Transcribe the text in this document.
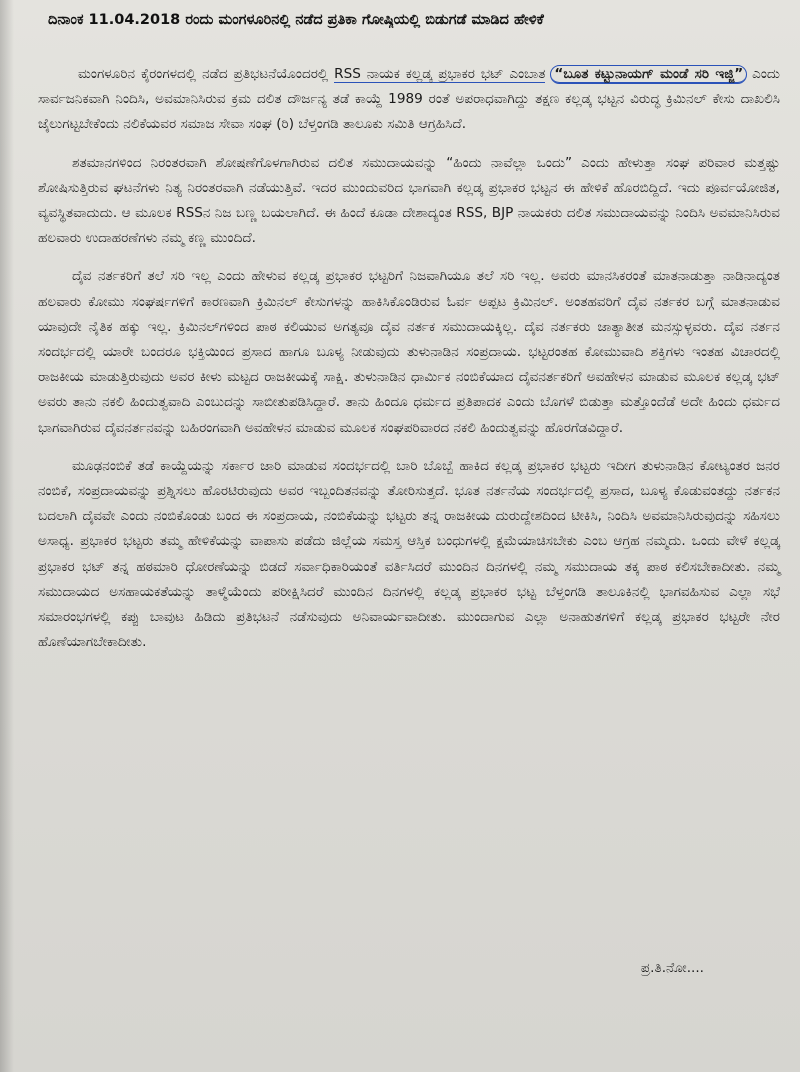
ದಿನಾಂಕ 11.04.2018 ರಂದು ಮಂಗಳೂರಿನಲ್ಲಿ ನಡೆದ ಪ್ರತಿಕಾ ಗೋಷ್ಠಿಯಲ್ಲಿ ಬಿಡುಗಡೆ ಮಾಡಿದ ಹೇಳಿಕೆ

ಮಂಗಳೂರಿನ ಕೈರಂಗಳದಲ್ಲಿ ನಡೆದ ಪ್ರತಿಭಟನೆಯೊಂದರಲ್ಲಿ RSS ನಾಯಕ ಕಲ್ಲಡ್ಕ ಪ್ರಭಾಕರ ಭಟ್ ಎಂಬಾತ “ಬೂತ ಕಟ್ಟುನಾಯಗ್ ಮಂಡೆ ಸರಿ ಇಜ್ಜಿ” ಎಂದು ಸಾರ್ವಜನಿಕವಾಗಿ ನಿಂದಿಸಿ, ಅವಮಾನಿಸಿರುವ ಕ್ರಮ ದಲಿತ ದೌರ್ಜನ್ಯ ತಡೆ ಕಾಯ್ದೆ 1989 ರಂತೆ ಅಪರಾಧವಾಗಿದ್ದು ತಕ್ಷಣ ಕಲ್ಲಡ್ಕ ಭಟ್ಟನ ವಿರುದ್ಧ ಕ್ರಿಮಿನಲ್ ಕೇಸು ದಾಖಲಿಸಿ ಜೈಲುಗಟ್ಟಬೇಕೆಂದು ನಲಿಕೆಯವರ ಸಮಾಜ ಸೇವಾ ಸಂಘ (ರಿ) ಬೆಳ್ತಂಗಡಿ ತಾಲೂಕು ಸಮಿತಿ ಆಗ್ರಹಿಸಿದೆ.

ಶತಮಾನಗಳಿಂದ ನಿರಂತರವಾಗಿ ಶೋಷಣೆಗೊಳಗಾಗಿರುವ ದಲಿತ ಸಮುದಾಯವನ್ನು “ಹಿಂದು ನಾವೆಲ್ಲಾ ಒಂದು” ಎಂದು ಹೇಳುತ್ತಾ ಸಂಘ ಪರಿವಾರ ಮತ್ತಷ್ಟು ಶೋಷಿಸುತ್ತಿರುವ ಘಟನೆಗಳು ನಿತ್ಯ ನಿರಂತರವಾಗಿ ನಡೆಯುತ್ತಿವೆ. ಇದರ ಮುಂದುವರಿದ ಭಾಗವಾಗಿ ಕಲ್ಲಡ್ಕ ಪ್ರಭಾಕರ ಭಟ್ಟನ ಈ ಹೇಳಿಕೆ ಹೊರಬಿದ್ದಿದೆ. ಇದು ಪೂರ್ವಯೋಜಿತ, ವ್ಯವಸ್ಥಿತವಾದುದು. ಆ ಮೂಲಕ RSSನ ನಿಜ ಬಣ್ಣ ಬಯಲಾಗಿದೆ. ಈ ಹಿಂದೆ ಕೂಡಾ ದೇಶಾದ್ಯಂತ RSS, BJP ನಾಯಕರು ದಲಿತ ಸಮುದಾಯವನ್ನು ನಿಂದಿಸಿ ಅವಮಾನಿಸಿರುವ ಹಲವಾರು ಉದಾಹರಣೆಗಳು ನಮ್ಮ ಕಣ್ಣ ಮುಂದಿದೆ.

ದೈವ ನರ್ತಕರಿಗೆ ತಲೆ ಸರಿ ಇಲ್ಲ ಎಂದು ಹೇಳುವ ಕಲ್ಲಡ್ಕ ಪ್ರಭಾಕರ ಭಟ್ಟರಿಗೆ ನಿಜವಾಗಿಯೂ ತಲೆ ಸರಿ ಇಲ್ಲ. ಅವರು ಮಾನಸಿಕರಂತೆ ಮಾತನಾಡುತ್ತಾ ನಾಡಿನಾದ್ಯಂತ ಹಲವಾರು ಕೋಮು ಸಂಘರ್ಷಗಳಿಗೆ ಕಾರಣವಾಗಿ ಕ್ರಿಮಿನಲ್ ಕೇಸುಗಳನ್ನು ಹಾಕಿಸಿಕೊಂಡಿರುವ ಓರ್ವ ಅಪ್ಪಟ ಕ್ರಿಮಿನಲ್. ಅಂತಹವರಿಗೆ ದೈವ ನರ್ತಕರ ಬಗ್ಗೆ ಮಾತನಾಡುವ ಯಾವುದೇ ನೈತಿಕ ಹಕ್ಕು ಇಲ್ಲ. ಕ್ರಿಮಿನಲ್‌ಗಳಿಂದ ಪಾಠ ಕಲಿಯುವ ಅಗತ್ಯವೂ ದೈವ ನರ್ತಕ ಸಮುದಾಯಕ್ಕಿಲ್ಲ. ದೈವ ನರ್ತಕರು ಜಾತ್ಯಾತೀತ ಮನಸ್ಸುಳ್ಳವರು. ದೈವ ನರ್ತನ ಸಂದರ್ಭದಲ್ಲಿ ಯಾರೇ ಬಂದರೂ ಭಕ್ತಿಯಿಂದ ಪ್ರಸಾದ ಹಾಗೂ ಬೂಳ್ಯ ನೀಡುವುದು ತುಳುನಾಡಿನ ಸಂಪ್ರದಾಯ. ಭಟ್ಟರಂತಹ ಕೋಮುವಾದಿ ಶಕ್ತಿಗಳು ಇಂತಹ ವಿಚಾರದಲ್ಲಿ ರಾಜಕೀಯ ಮಾಡುತ್ತಿರುವುದು ಅವರ ಕೀಳು ಮಟ್ಟದ ರಾಜಕೀಯಕ್ಕೆ ಸಾಕ್ಷಿ. ತುಳುನಾಡಿನ ಧಾರ್ಮಿಕ ನಂಬಿಕೆಯಾದ ದೈವನರ್ತಕರಿಗೆ ಅವಹೇಳನ ಮಾಡುವ ಮೂಲಕ ಕಲ್ಲಡ್ಕ ಭಟ್ ಅವರು ತಾನು ನಕಲಿ ಹಿಂದುತ್ವವಾದಿ ಎಂಬುದನ್ನು ಸಾಬೀತುಪಡಿಸಿದ್ದಾರೆ. ತಾನು ಹಿಂದೂ ಧರ್ಮದ ಪ್ರತಿಪಾದಕ ಎಂದು ಬೊಗಳೆ ಬಿಡುತ್ತಾ ಮತ್ತೊಂದೆಡೆ ಅದೇ ಹಿಂದು ಧರ್ಮದ ಭಾಗವಾಗಿರುವ ದೈವನರ್ತನವನ್ನು ಬಹಿರಂಗವಾಗಿ ಅವಹೇಳನ ಮಾಡುವ ಮೂಲಕ ಸಂಘಪರಿವಾರದ ನಕಲಿ ಹಿಂದುತ್ವವನ್ನು ಹೊರಗೆಡವಿದ್ದಾರೆ.

ಮೂಢನಂಬಿಕೆ ತಡೆ ಕಾಯ್ದೆಯನ್ನು ಸರ್ಕಾರ ಜಾರಿ ಮಾಡುವ ಸಂದರ್ಭದಲ್ಲಿ ಬಾರಿ ಬೊಬ್ಬೆ ಹಾಕಿದ ಕಲ್ಲಡ್ಕ ಪ್ರಭಾಕರ ಭಟ್ಟರು ಇದೀಗ ತುಳುನಾಡಿನ ಕೋಟ್ಯಂತರ ಜನರ ನಂಬಿಕೆ, ಸಂಪ್ರದಾಯವನ್ನು ಪ್ರಶ್ನಿಸಲು ಹೊರಟಿರುವುದು ಅವರ ಇಬ್ಬಂದಿತನವನ್ನು ತೋರಿಸುತ್ತದೆ. ಭೂತ ನರ್ತನೆಯ ಸಂದರ್ಭದಲ್ಲಿ ಪ್ರಸಾದ, ಬೂಳ್ಯ ಕೊಡುವಂತದ್ದು ನರ್ತಕನ ಬದಲಾಗಿ ದೈವವೇ ಎಂದು ನಂಬಿಕೊಂಡು ಬಂದ ಈ ಸಂಪ್ರದಾಯ, ನಂಬಿಕೆಯನ್ನು ಭಟ್ಟರು ತನ್ನ ರಾಜಕೀಯ ದುರುದ್ದೇಶದಿಂದ ಟೀಕಿಸಿ, ನಿಂದಿಸಿ ಅವಮಾನಿಸಿರುವುದನ್ನು ಸಹಿಸಲು ಅಸಾಧ್ಯ. ಪ್ರಭಾಕರ ಭಟ್ಟರು ತಮ್ಮ ಹೇಳಿಕೆಯನ್ನು ವಾಪಾಸು ಪಡೆದು ಜಿಲ್ಲೆಯ ಸಮಸ್ತ ಆಸ್ತಿಕ ಬಂಧುಗಳಲ್ಲಿ ಕ್ಷಮೆಯಾಚಿಸಬೇಕು ಎಂಬ ಆಗ್ರಹ ನಮ್ಮದು. ಒಂದು ವೇಳೆ ಕಲ್ಲಡ್ಕ ಪ್ರಭಾಕರ ಭಟ್ ತನ್ನ ಹಠಮಾರಿ ಧೋರಣೆಯನ್ನು ಬಿಡದೆ ಸರ್ವಾಧಿಕಾರಿಯಂತೆ ವರ್ತಿಸಿದರೆ ಮುಂದಿನ ದಿನಗಳಲ್ಲಿ ನಮ್ಮ ಸಮುದಾಯ ತಕ್ಕ ಪಾಠ ಕಲಿಸಬೇಕಾದೀತು. ನಮ್ಮ ಸಮುದಾಯದ ಅಸಹಾಯಕತೆಯನ್ನು ತಾಳ್ಮೆಯೆಂದು ಪರೀಕ್ಷಿಸಿದರೆ ಮುಂದಿನ ದಿನಗಳಲ್ಲಿ ಕಲ್ಲಡ್ಕ ಪ್ರಭಾಕರ ಭಟ್ಟ ಬೆಳ್ತಂಗಡಿ ತಾಲೂಕಿನಲ್ಲಿ ಭಾಗವಹಿಸುವ ಎಲ್ಲಾ ಸಭೆ ಸಮಾರಂಭಗಳಲ್ಲಿ ಕಪ್ಪು ಬಾವುಟ ಹಿಡಿದು ಪ್ರತಿಭಟನೆ ನಡೆಸುವುದು ಅನಿವಾರ್ಯವಾದೀತು. ಮುಂದಾಗುವ ಎಲ್ಲಾ ಅನಾಹುತಗಳಿಗೆ ಕಲ್ಲಡ್ಕ ಪ್ರಭಾಕರ ಭಟ್ಟರೇ ನೇರ ಹೊಣೆಯಾಗಬೇಕಾದೀತು.

ಪ್ರ.ತಿ.ನೋ....
